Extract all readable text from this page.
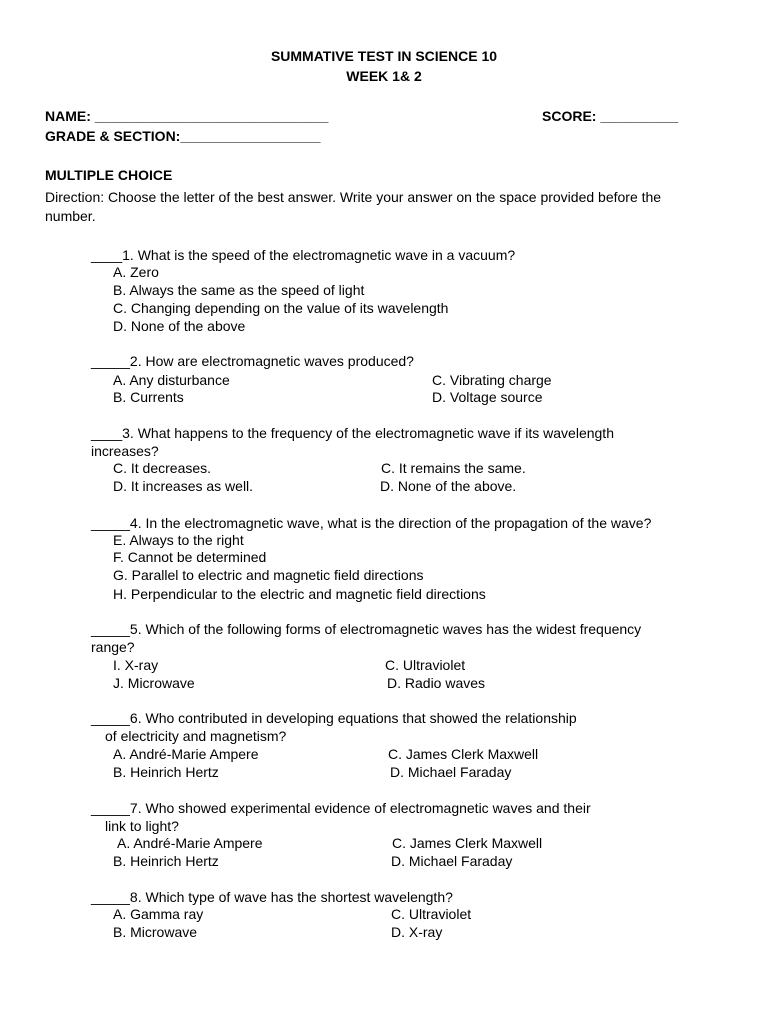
SUMMATIVE TEST IN SCIENCE 10
WEEK 1& 2
NAME: ______________________________	SCORE: __________
GRADE & SECTION:__________________
MULTIPLE CHOICE
Direction: Choose the letter of the best answer. Write your answer on the space provided before the
number.
____1. What is the speed of the electromagnetic wave in a vacuum?
A. Zero
B. Always the same as the speed of light
C. Changing depending on the value of its wavelength
D. None of the above
_____2. How are electromagnetic waves produced?
A. Any disturbance	C. Vibrating charge
B. Currents	D. Voltage source
____3. What happens to the frequency of the electromagnetic wave if its wavelength
increases?
C. It decreases.	C. It remains the same.
D. It increases as well.	D. None of the above.
_____4. In the electromagnetic wave, what is the direction of the propagation of the wave?
E. Always to the right
F. Cannot be determined
G. Parallel to electric and magnetic field directions
H. Perpendicular to the electric and magnetic field directions
_____5. Which of the following forms of electromagnetic waves has the widest frequency
range?
I. X-ray	C. Ultraviolet
J. Microwave	D. Radio waves
_____6. Who contributed in developing equations that showed the relationship
of electricity and magnetism?
A. André-Marie Ampere	C. James Clerk Maxwell
B. Heinrich Hertz	D. Michael Faraday
_____7. Who showed experimental evidence of electromagnetic waves and their
link to light?
A. André-Marie Ampere	C. James Clerk Maxwell
B. Heinrich Hertz	D. Michael Faraday
_____8. Which type of wave has the shortest wavelength?
A. Gamma ray	C. Ultraviolet
B. Microwave	D. X-ray
